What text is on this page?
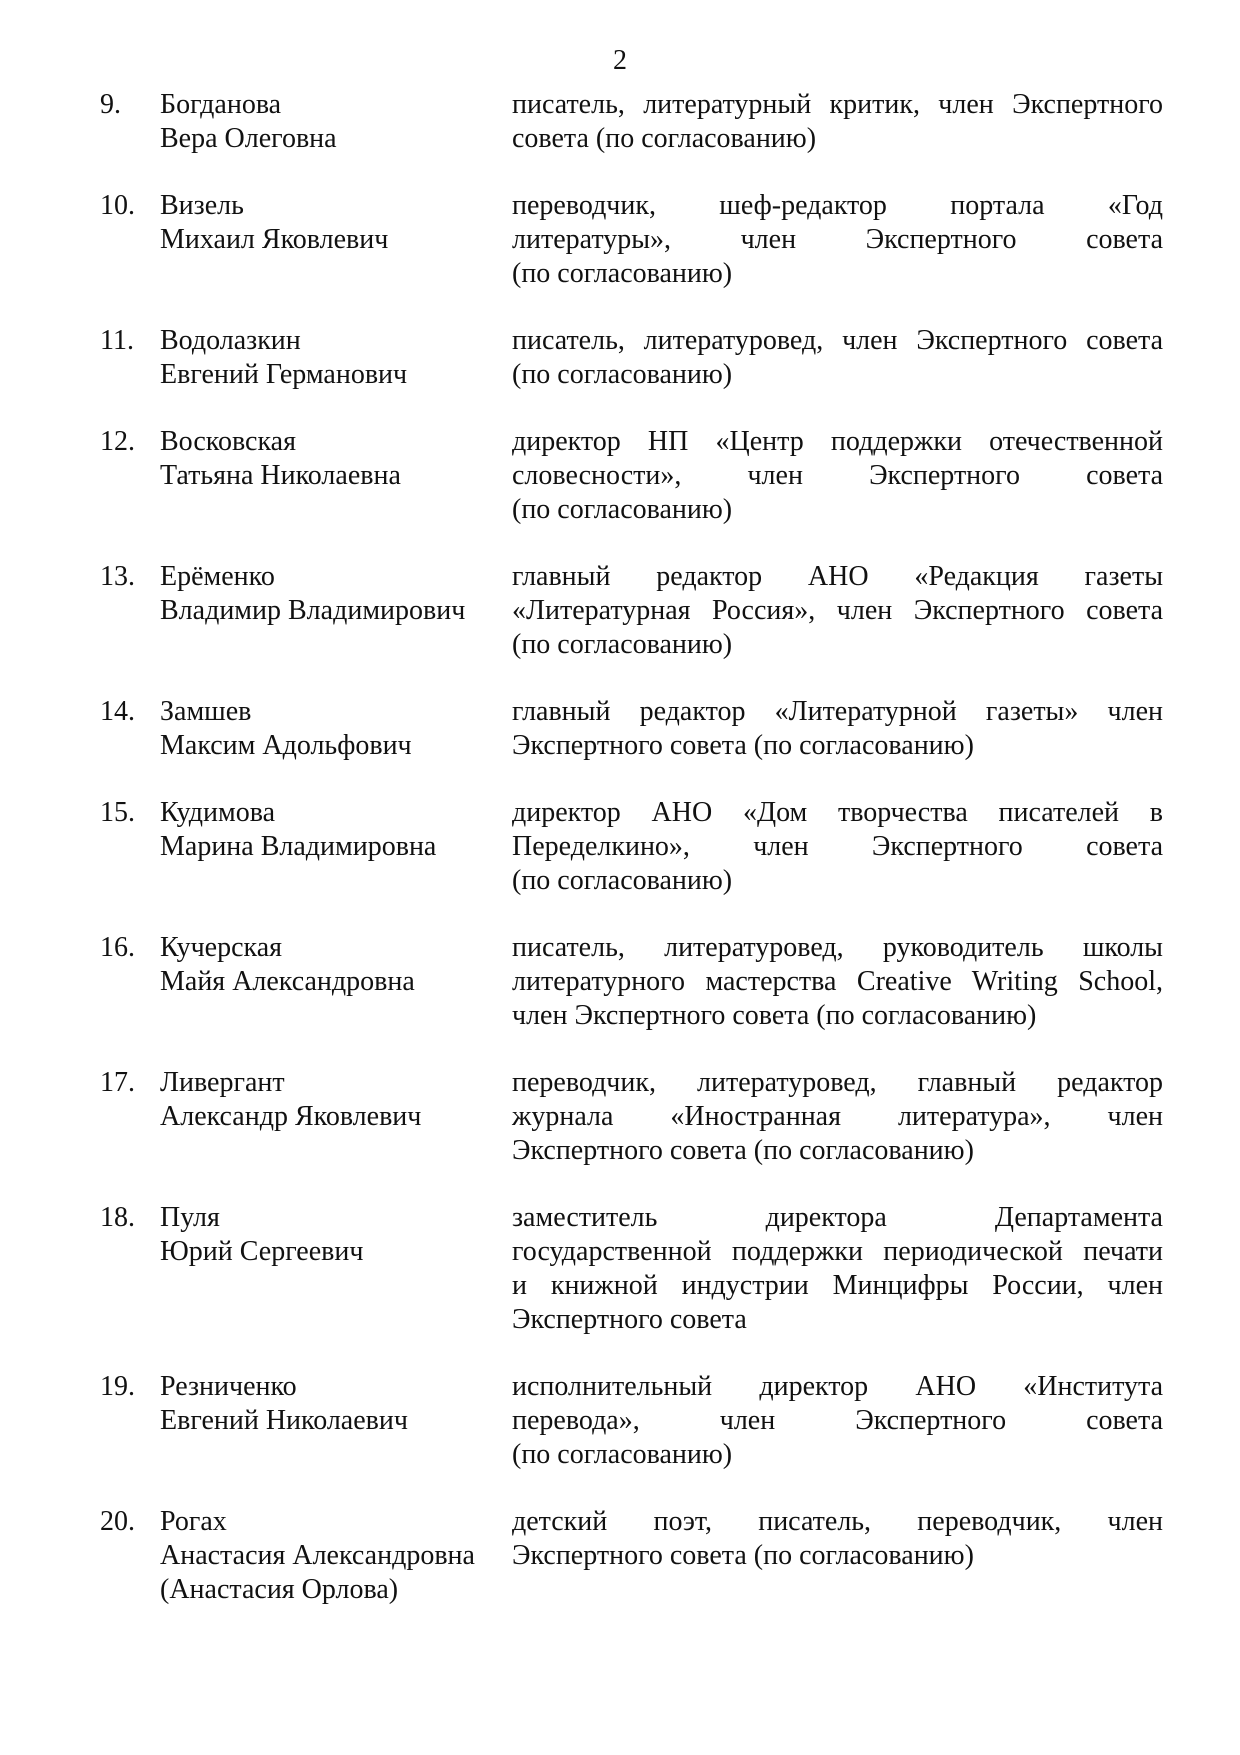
2
9.	Богданова
Вера Олеговна
писатель, литературный критик, член Экспертного
совета (по согласованию)
10. Визель
Михаил Яковлевич
переводчик, шеф-редактор портала «Год
литературы», член Экспертного совета
(по согласованию)
11. Водолазкин
Евгений Германович
писатель, литературовед, член Экспертного совета
(по согласованию)
12. Восковская
Татьяна Николаевна
директор НП «Центр поддержки отечественной
словесности», член Экспертного совета
(по согласованию)
13. Ерёменко
Владимир Владимирович
главный редактор АНО «Редакция газеты
«Литературная Россия», член Экспертного совета
(по согласованию)
14. Замшев
Максим Адольфович
главный редактор «Литературной газеты» член
Экспертного совета (по согласованию)
15. Кудимова
Марина Владимировна
директор АНО «Дом творчества писателей в
Переделкино», член Экспертного совета
(по согласованию)
16. Кучерская
Майя Александровна
писатель, литературовед, руководитель школы
литературного мастерства Creative Writing School,
член Экспертного совета (по согласованию)
17. Ливергант
Александр Яковлевич
переводчик, литературовед, главный редактор
журнала «Иностранная литература», член
Экспертного совета (по согласованию)
18. Пуля
Юрий Сергеевич
заместитель директора Департамента
государственной поддержки периодической печати
и книжной индустрии Минцифры России, член
Экспертного совета
19. Резниченко
Евгений Николаевич
исполнительный директор АНО «Института
перевода», член Экспертного совета
(по согласованию)
20. Рогах
Анастасия Александровна
(Анастасия Орлова)
детский поэт, писатель, переводчик, член
Экспертного совета (по согласованию)
